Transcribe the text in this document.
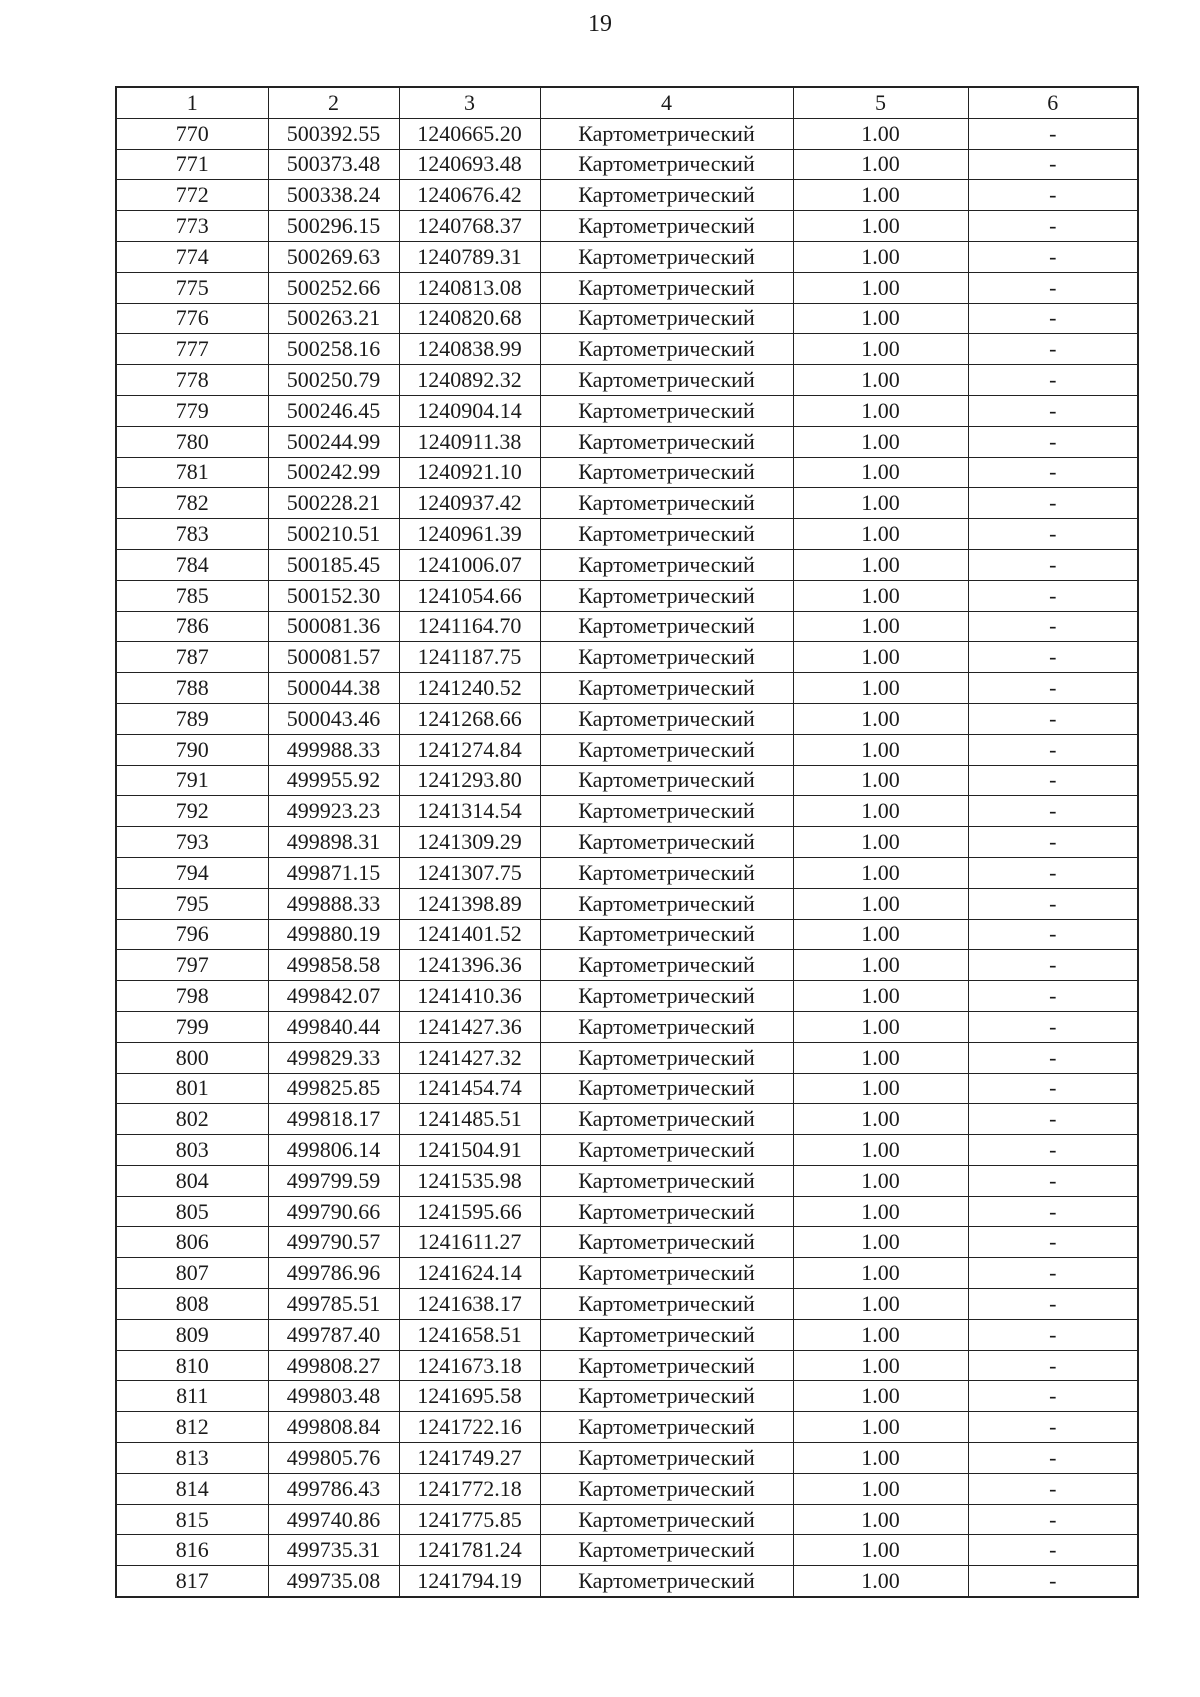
19
1	2	3	4	5	6
770	500392.55	1240665.20	Картометрический	1.00	-
771	500373.48	1240693.48	Картометрический	1.00	-
772	500338.24	1240676.42	Картометрический	1.00	-
773	500296.15	1240768.37	Картометрический	1.00	-
774	500269.63	1240789.31	Картометрический	1.00	-
775	500252.66	1240813.08	Картометрический	1.00	-
776	500263.21	1240820.68	Картометрический	1.00	-
777	500258.16	1240838.99	Картометрический	1.00	-
778	500250.79	1240892.32	Картометрический	1.00	-
779	500246.45	1240904.14	Картометрический	1.00	-
780	500244.99	1240911.38	Картометрический	1.00	-
781	500242.99	1240921.10	Картометрический	1.00	-
782	500228.21	1240937.42	Картометрический	1.00	-
783	500210.51	1240961.39	Картометрический	1.00	-
784	500185.45	1241006.07	Картометрический	1.00	-
785	500152.30	1241054.66	Картометрический	1.00	-
786	500081.36	1241164.70	Картометрический	1.00	-
787	500081.57	1241187.75	Картометрический	1.00	-
788	500044.38	1241240.52	Картометрический	1.00	-
789	500043.46	1241268.66	Картометрический	1.00	-
790	499988.33	1241274.84	Картометрический	1.00	-
791	499955.92	1241293.80	Картометрический	1.00	-
792	499923.23	1241314.54	Картометрический	1.00	-
793	499898.31	1241309.29	Картометрический	1.00	-
794	499871.15	1241307.75	Картометрический	1.00	-
795	499888.33	1241398.89	Картометрический	1.00	-
796	499880.19	1241401.52	Картометрический	1.00	-
797	499858.58	1241396.36	Картометрический	1.00	-
798	499842.07	1241410.36	Картометрический	1.00	-
799	499840.44	1241427.36	Картометрический	1.00	-
800	499829.33	1241427.32	Картометрический	1.00	-
801	499825.85	1241454.74	Картометрический	1.00	-
802	499818.17	1241485.51	Картометрический	1.00	-
803	499806.14	1241504.91	Картометрический	1.00	-
804	499799.59	1241535.98	Картометрический	1.00	-
805	499790.66	1241595.66	Картометрический	1.00	-
806	499790.57	1241611.27	Картометрический	1.00	-
807	499786.96	1241624.14	Картометрический	1.00	-
808	499785.51	1241638.17	Картометрический	1.00	-
809	499787.40	1241658.51	Картометрический	1.00	-
810	499808.27	1241673.18	Картометрический	1.00	-
811	499803.48	1241695.58	Картометрический	1.00	-
812	499808.84	1241722.16	Картометрический	1.00	-
813	499805.76	1241749.27	Картометрический	1.00	-
814	499786.43	1241772.18	Картометрический	1.00	-
815	499740.86	1241775.85	Картометрический	1.00	-
816	499735.31	1241781.24	Картометрический	1.00	-
817	499735.08	1241794.19	Картометрический	1.00	-
